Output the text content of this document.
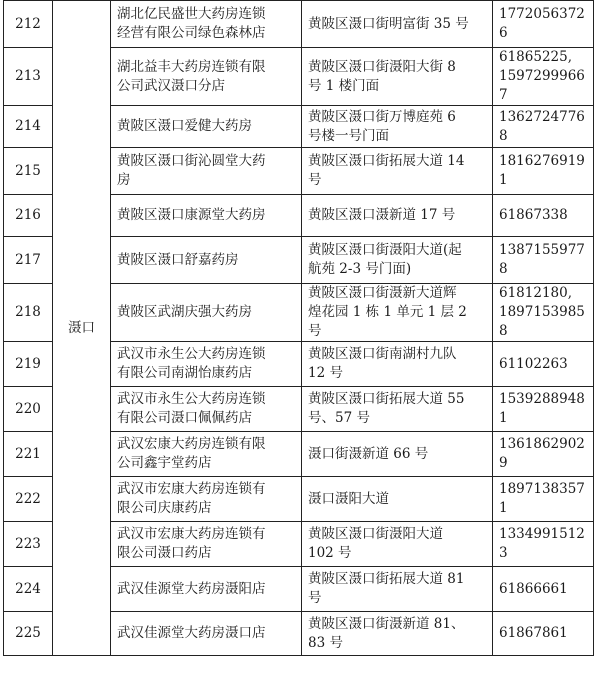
212	滠口	湖北亿民盛世大药房连锁
经营有限公司绿色森林店	黄陂区滠口街明富街 35 号	17720563726

213		湖北益丰大药房连锁有限
公司武汉滠口分店	黄陂区滠口街滠阳大街 8
号 1 楼门面	61865225,
15972999667

214		黄陂区滠口爱健大药房	黄陂区滠口街万博庭苑 6
号楼一号门面	13627247768

215		黄陂区滠口街沁圆堂大药
房	黄陂区滠口街拓展大道 14
号	18162769191

216		黄陂区滠口康源堂大药房	黄陂区滠口滠新道 17 号	61867338

217		黄陂区滠口舒嘉药房	黄陂区滠口街滠阳大道(起
航苑 2-3 号门面)	13871559778

218		黄陂区武湖庆强大药房	黄陂区滠口街滠新大道辉
煌花园 1 栋 1 单元 1 层 2
号	61812180,
18971539858

219		武汉市永生公大药房连锁
有限公司南湖怡康药店	黄陂区滠口街南湖村九队
12 号	61102263

220		武汉市永生公大药房连锁
有限公司滠口佩佩药店	黄陂区滠口街拓展大道 55
号、57 号	15392889481

221		武汉宏康大药房连锁有限
公司鑫宇堂药店	滠口街滠新道 66 号	13618629029

222		武汉市宏康大药房连锁有
限公司庆康药店	滠口滠阳大道	18971383571

223		武汉市宏康大药房连锁有
限公司滠口药店	黄陂区滠口街滠阳大道
102 号	13349915123

224		武汉佳源堂大药房滠阳店	黄陂区滠口街拓展大道 81
号	61866661

225		武汉佳源堂大药房滠口店	黄陂区滠口街滠新道 81、
83 号	61867861
